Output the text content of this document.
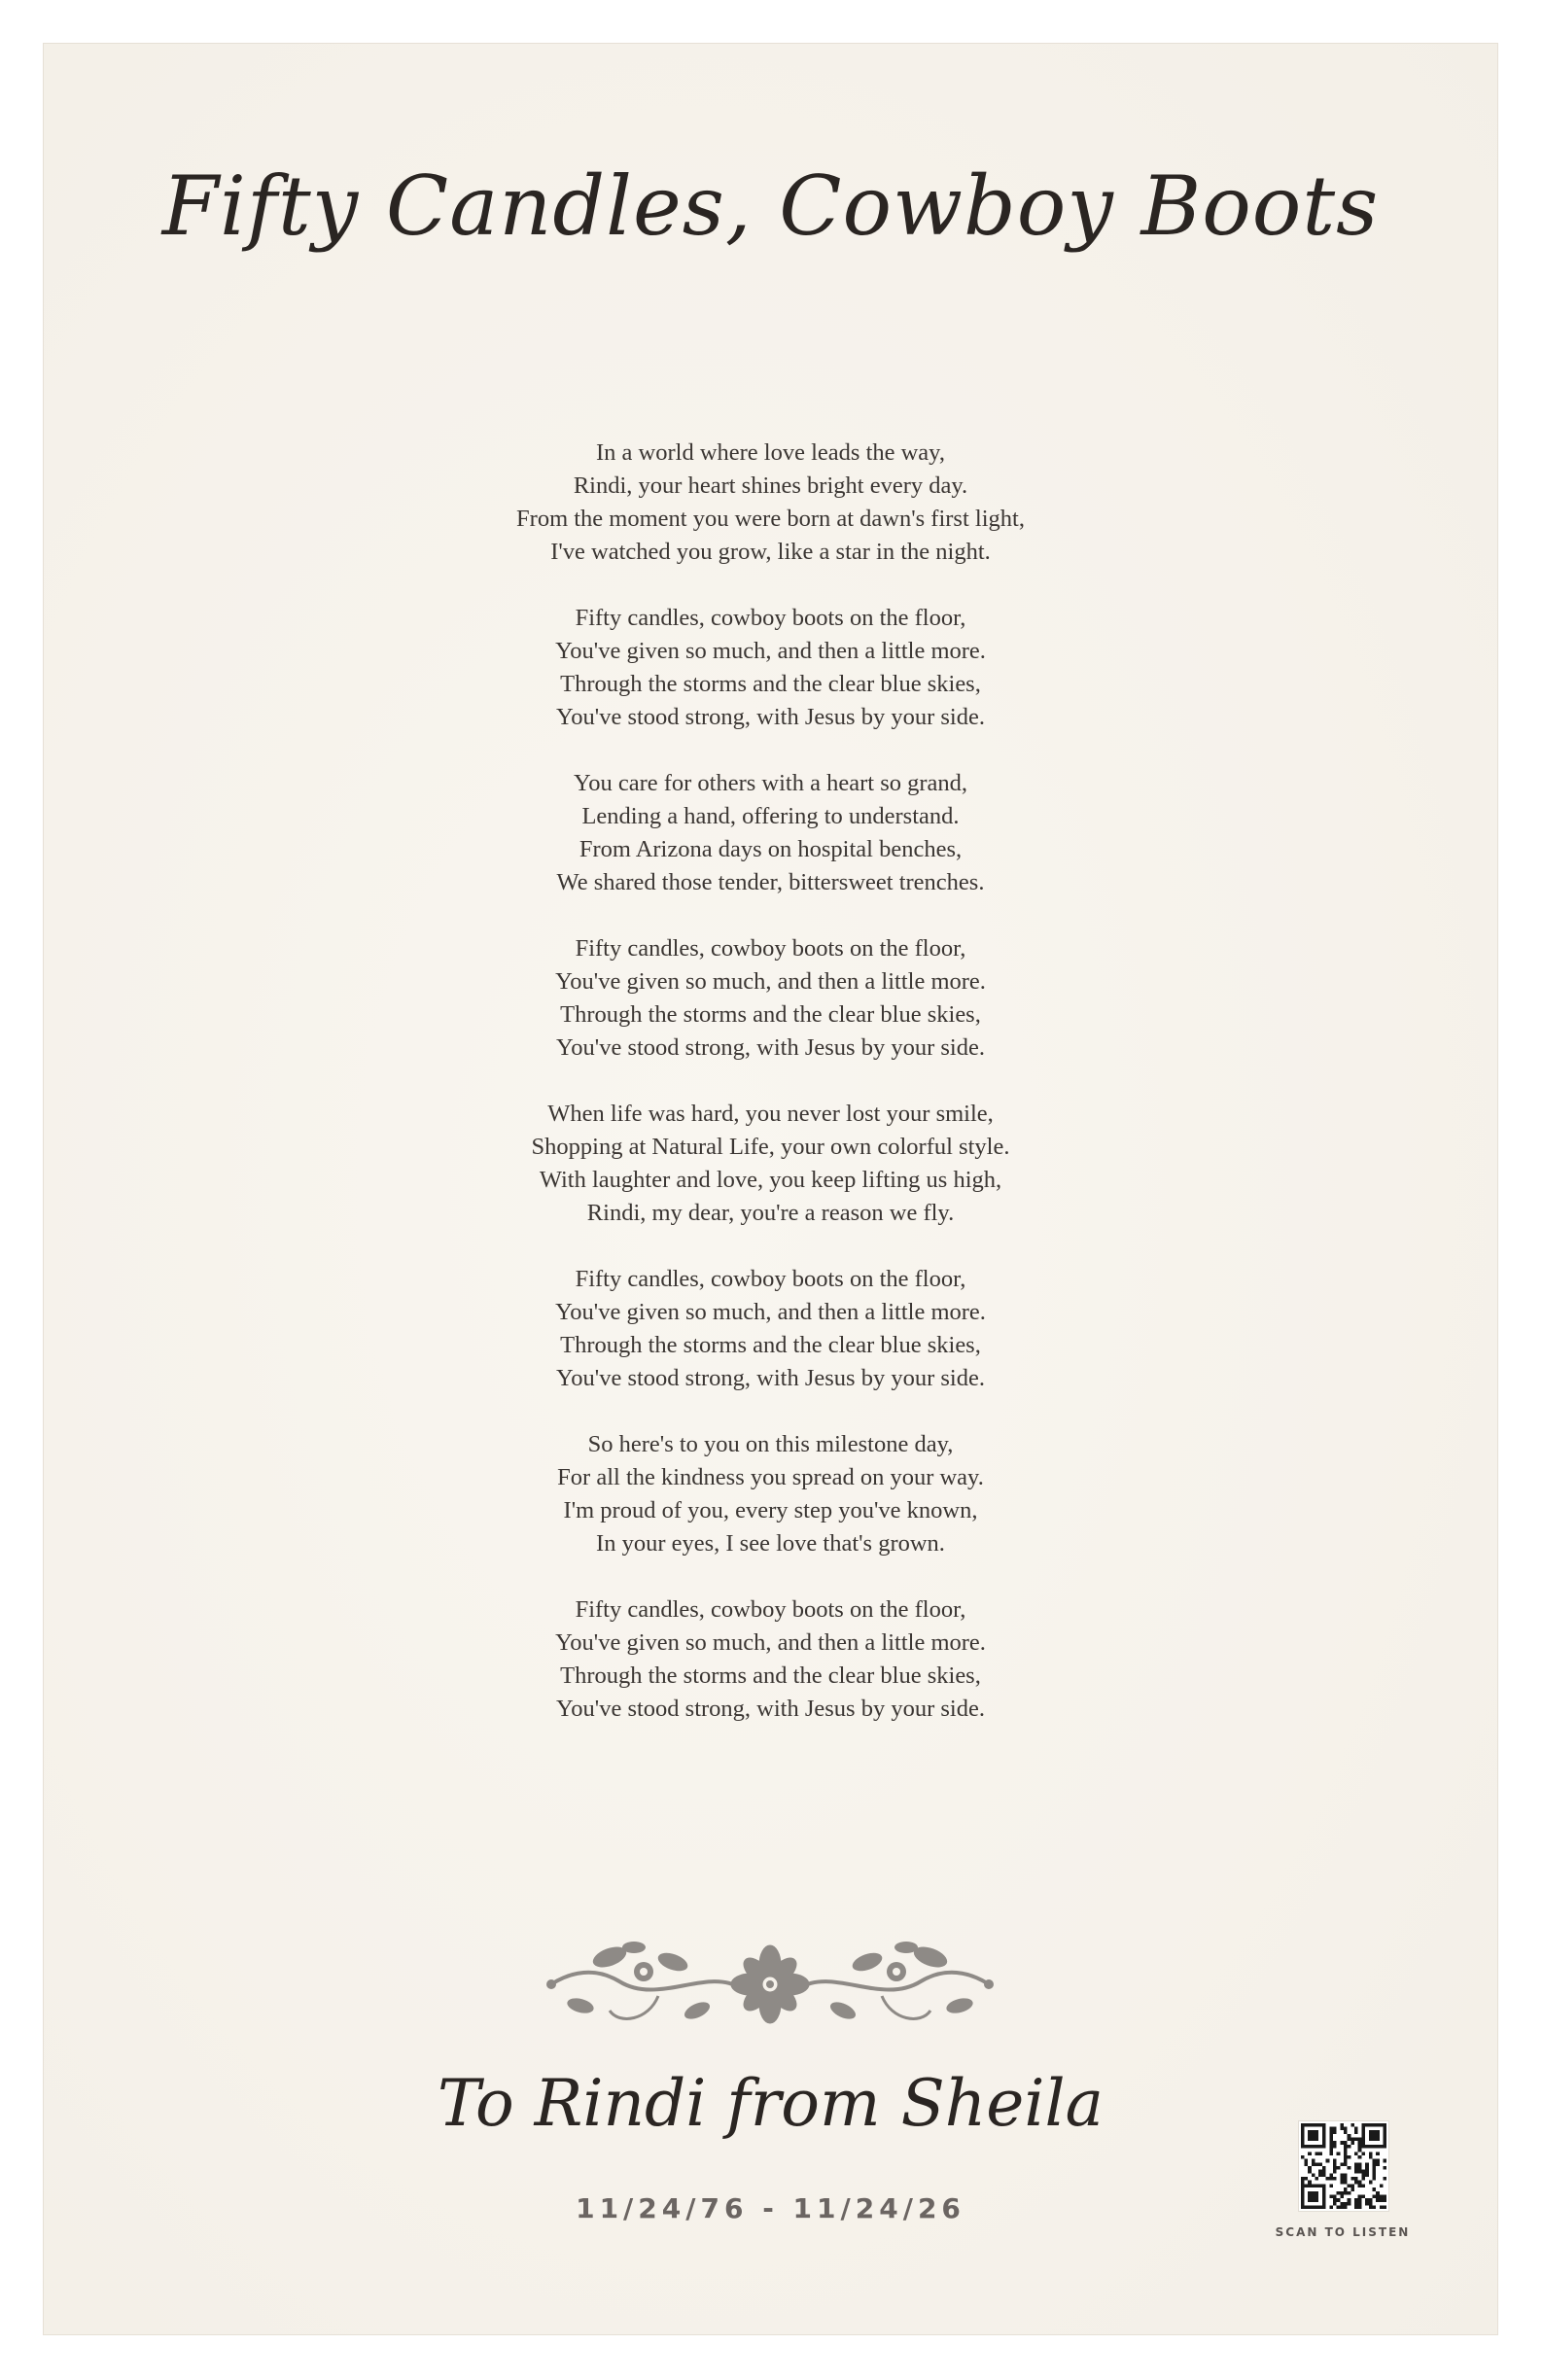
Fifty Candles, Cowboy Boots
In a world where love leads the way,
Rindi, your heart shines bright every day.
From the moment you were born at dawn's first light,
I've watched you grow, like a star in the night.
Fifty candles, cowboy boots on the floor,
You've given so much, and then a little more.
Through the storms and the clear blue skies,
You've stood strong, with Jesus by your side.
You care for others with a heart so grand,
Lending a hand, offering to understand.
From Arizona days on hospital benches,
We shared those tender, bittersweet trenches.
Fifty candles, cowboy boots on the floor,
You've given so much, and then a little more.
Through the storms and the clear blue skies,
You've stood strong, with Jesus by your side.
When life was hard, you never lost your smile,
Shopping at Natural Life, your own colorful style.
With laughter and love, you keep lifting us high,
Rindi, my dear, you're a reason we fly.
Fifty candles, cowboy boots on the floor,
You've given so much, and then a little more.
Through the storms and the clear blue skies,
You've stood strong, with Jesus by your side.
So here's to you on this milestone day,
For all the kindness you spread on your way.
I'm proud of you, every step you've known,
In your eyes, I see love that's grown.
Fifty candles, cowboy boots on the floor,
You've given so much, and then a little more.
Through the storms and the clear blue skies,
You've stood strong, with Jesus by your side.
To Rindi from Sheila
11/24/76 - 11/24/26
SCAN TO LISTEN
